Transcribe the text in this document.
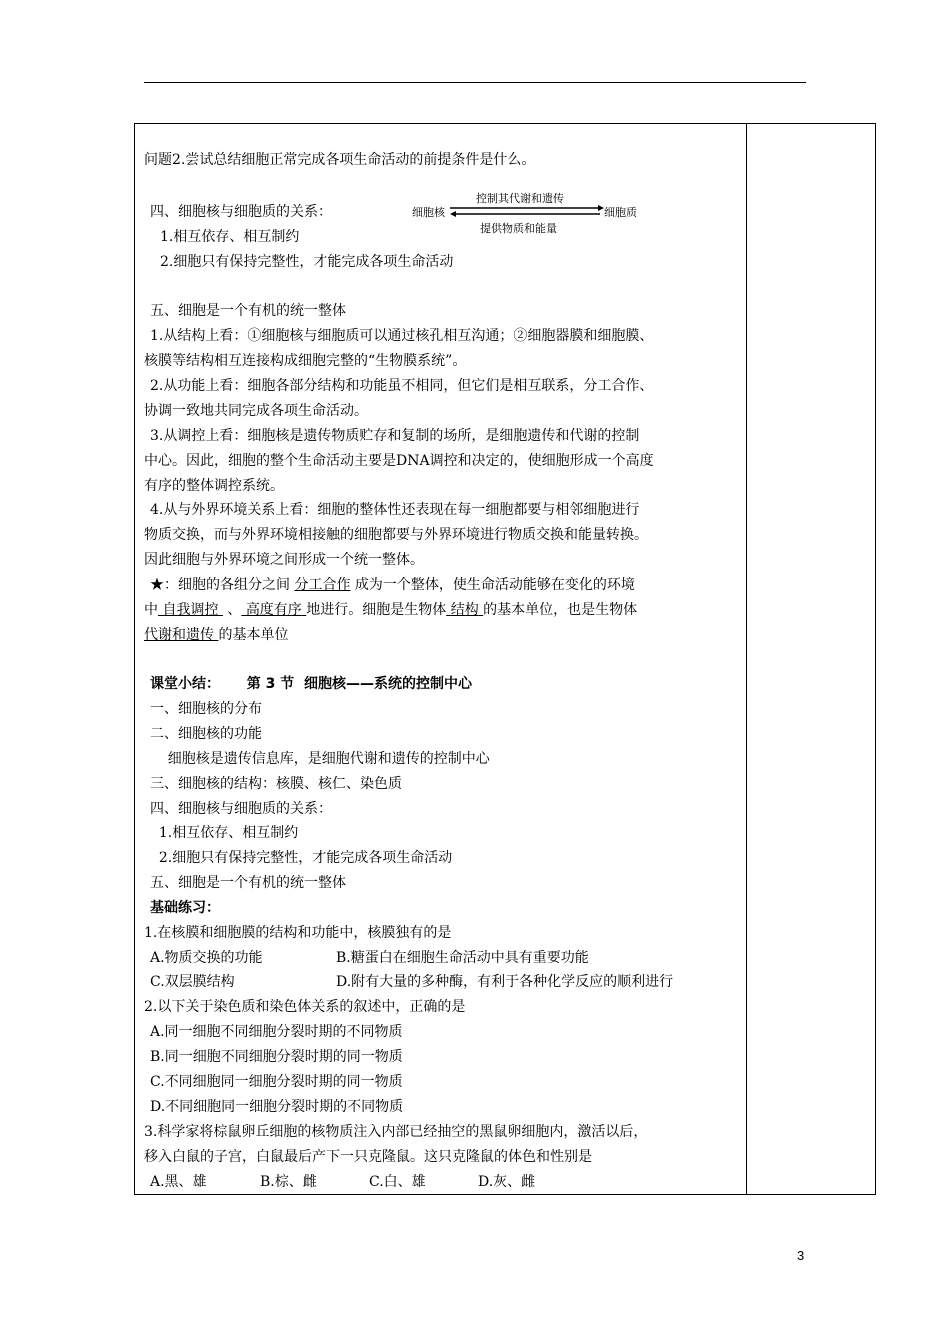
问题2.尝试总结细胞正常完成各项生命活动的前提条件是什么。
四、细胞核与细胞质的关系：	细胞核	细胞质
控制其代谢和遗传
提供物质和能量
1.相互依存、相互制约
2.细胞只有保持完整性，才能完成各项生命活动
五、细胞是一个有机的统一整体
1.从结构上看：①细胞核与细胞质可以通过核孔相互沟通；②细胞器膜和细胞膜、
核膜等结构相互连接构成细胞完整的“生物膜系统”。
2.从功能上看：细胞各部分结构和功能虽不相同，但它们是相互联系，分工合作、
协调一致地共同完成各项生命活动。
3.从调控上看：细胞核是遗传物质贮存和复制的场所，是细胞遗传和代谢的控制
中心。因此，细胞的整个生命活动主要是DNA调控和决定的，使细胞形成一个高度
有序的整体调控系统。
4.从与外界环境关系上看：细胞的整体性还表现在每一细胞都要与相邻细胞进行
物质交换，而与外界环境相接触的细胞都要与外界环境进行物质交换和能量转换。
因此细胞与外界环境之间形成一个统一整体。
★：细胞的各组分之间 分工合作 成为一个整体，使生命活动能够在变化的环境
中 自我调控 、 高度有序 地进行。细胞是生物体 结构 的基本单位，也是生物体
代谢和遗传 的基本单位
课堂小结： 第 3 节  细胞核——系统的控制中心
一、细胞核的分布
二、细胞核的功能
细胞核是遗传信息库，是细胞代谢和遗传的控制中心
三、细胞核的结构：核膜、核仁、染色质
四、细胞核与细胞质的关系：
1.相互依存、相互制约
2.细胞只有保持完整性，才能完成各项生命活动
五、细胞是一个有机的统一整体
基础练习：
1.在核膜和细胞膜的结构和功能中，核膜独有的是
A.物质交换的功能	B.糖蛋白在细胞生命活动中具有重要功能
C.双层膜结构	D.附有大量的多种酶，有利于各种化学反应的顺利进行
2.以下关于染色质和染色体关系的叙述中，正确的是
A.同一细胞不同细胞分裂时期的不同物质
B.同一细胞不同细胞分裂时期的同一物质
C.不同细胞同一细胞分裂时期的同一物质
D.不同细胞同一细胞分裂时期的不同物质
3.科学家将棕鼠卵丘细胞的核物质注入内部已经抽空的黑鼠卵细胞内，激活以后，
移入白鼠的子宫，白鼠最后产下一只克隆鼠。这只克隆鼠的体色和性别是
A.黑、雄	B.棕、雌	C.白、雄	D.灰、雌
3
